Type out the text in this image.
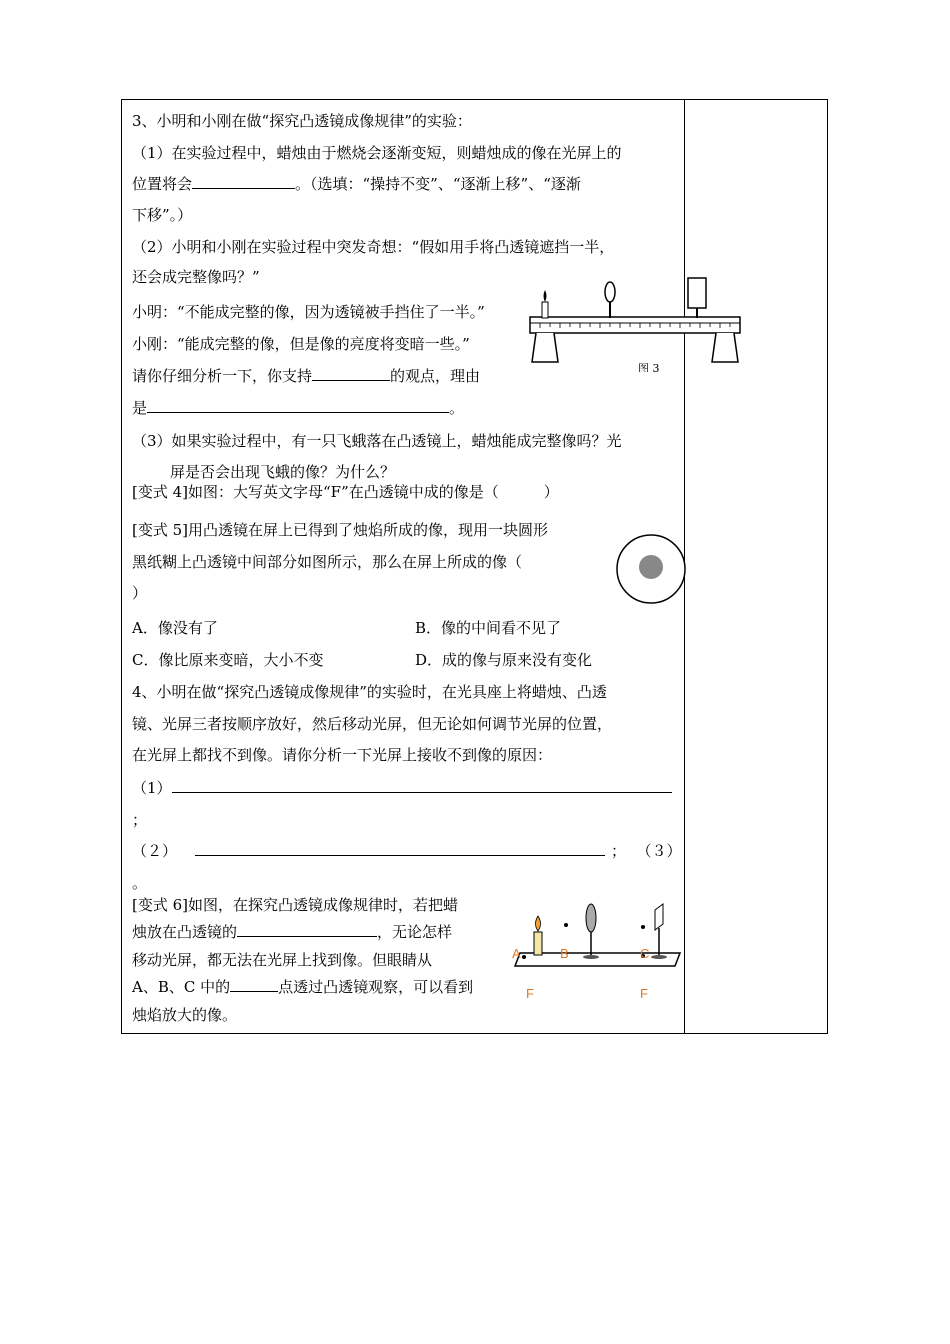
3、小明和小刚在做“探究凸透镜成像规律”的实验：
（1）在实验过程中，蜡烛由于燃烧会逐渐变短，则蜡烛成的像在光屏上的
位置将会	。（选填：“操持不变”、“逐渐上移”、“逐渐
下移”。）
（2）小明和小刚在实验过程中突发奇想：“假如用手将凸透镜遮挡一半，
还会成完整像吗？”
小明：“不能成完整的像，因为透镜被手挡住了一半。”
小刚：“能成完整的像，但是像的亮度将变暗一些。”
请你仔细分析一下，你支持	的观点，理由
是	。
（3）如果实验过程中，有一只飞蛾落在凸透镜上，蜡烛能成完整像吗？光
屏是否会出现飞蛾的像？为什么？
图 3
[变式 4]如图：大写英文字母“F”在凸透镜中成的像是（　　　）
[变式 5]用凸透镜在屏上已得到了烛焰所成的像，现用一块圆形
黑纸糊上凸透镜中间部分如图所示，那么在屏上所成的像（
）
A．像没有了	B．像的中间看不见了
C．像比原来变暗，大小不变	D．成的像与原来没有变化
4、小明在做“探究凸透镜成像规律”的实验时，在光具座上将蜡烛、凸透
镜、光屏三者按顺序放好，然后移动光屏，但无论如何调节光屏的位置，
在光屏上都找不到像。请你分析一下光屏上接收不到像的原因：
（1）
；
（２）	； （３）
。
[变式 6]如图，在探究凸透镜成像规律时，若把蜡
烛放在凸透镜的	，无论怎样
移动光屏，都无法在光屏上找到像。但眼睛从
A、B、C 中的	点透过凸透镜观察，可以看到
烛焰放大的像。
A	B	C
F	F
